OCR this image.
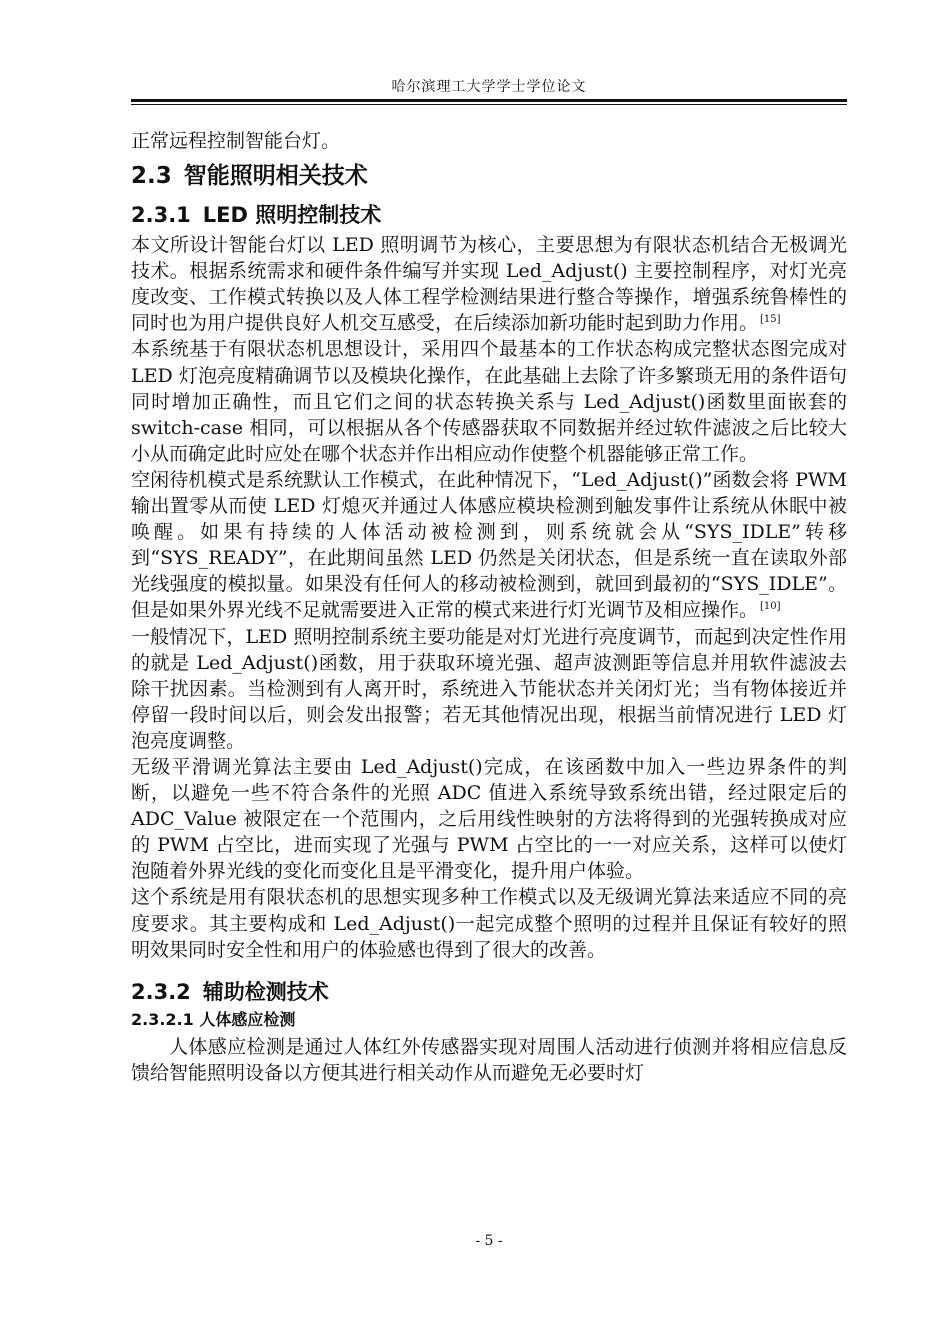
哈尔滨理工大学学士学位论文

正常远程控制智能台灯。

2.3 智能照明相关技术
2.3.1 LED 照明控制技术

本文所设计智能台灯以 LED 照明调节为核心，主要思想为有限状态机结合无极调光技术。根据系统需求和硬件条件编写并实现 Led_Adjust() 主要控制程序，对灯光亮度改变、工作模式转换以及人体工程学检测结果进行整合等操作，增强系统鲁棒性的同时也为用户提供良好人机交互感受，在后续添加新功能时起到助力作用。 [15]

本系统基于有限状态机思想设计，采用四个最基本的工作状态构成完整状态图完成对 LED 灯泡亮度精确调节以及模块化操作，在此基础上去除了许多繁琐无用的条件语句同时增加正确性，而且它们之间的状态转换关系与 Led_Adjust()函数里面嵌套的 switch-case 相同，可以根据从各个传感器获取不同数据并经过软件滤波之后比较大小从而确定此时应处在哪个状态并作出相应动作使整个机器能够正常工作。

空闲待机模式是系统默认工作模式，在此种情况下，“Led_Adjust()”函数会将 PWM 输出置零从而使 LED 灯熄灭并通过人体感应模块检测到触发事件让系统从休眠中被唤醒。如果有持续的人体活动被检测到，则系统就会从“SYS_IDLE”转移到“SYS_READY”，在此期间虽然 LED 仍然是关闭状态，但是系统一直在读取外部光线强度的模拟量。如果没有任何人的移动被检测到，就回到最初的“SYS_IDLE”。但是如果外界光线不足就需要进入正常的模式来进行灯光调节及相应操作。 [10]

一般情况下，LED 照明控制系统主要功能是对灯光进行亮度调节，而起到决定性作用的就是 Led_Adjust()函数，用于获取环境光强、超声波测距等信息并用软件滤波去除干扰因素。当检测到有人离开时，系统进入节能状态并关闭灯光；当有物体接近并停留一段时间以后，则会发出报警；若无其他情况出现，根据当前情况进行 LED 灯泡亮度调整。

无级平滑调光算法主要由 Led_Adjust()完成，在该函数中加入一些边界条件的判断，以避免一些不符合条件的光照 ADC 值进入系统导致系统出错，经过限定后的 ADC_Value 被限定在一个范围内，之后用线性映射的方法将得到的光强转换成对应的 PWM 占空比，进而实现了光强与 PWM 占空比的一一对应关系，这样可以使灯泡随着外界光线的变化而变化且是平滑变化，提升用户体验。

这个系统是用有限状态机的思想实现多种工作模式以及无级调光算法来适应不同的亮度要求。其主要构成和 Led_Adjust()一起完成整个照明的过程并且保证有较好的照明效果同时安全性和用户的体验感也得到了很大的改善。

2.3.2 辅助检测技术
2.3.2.1 人体感应检测

人体感应检测是通过人体红外传感器实现对周围人活动进行侦测并将相应信息反馈给智能照明设备以方便其进行相关动作从而避免无必要时灯

- 5 -
